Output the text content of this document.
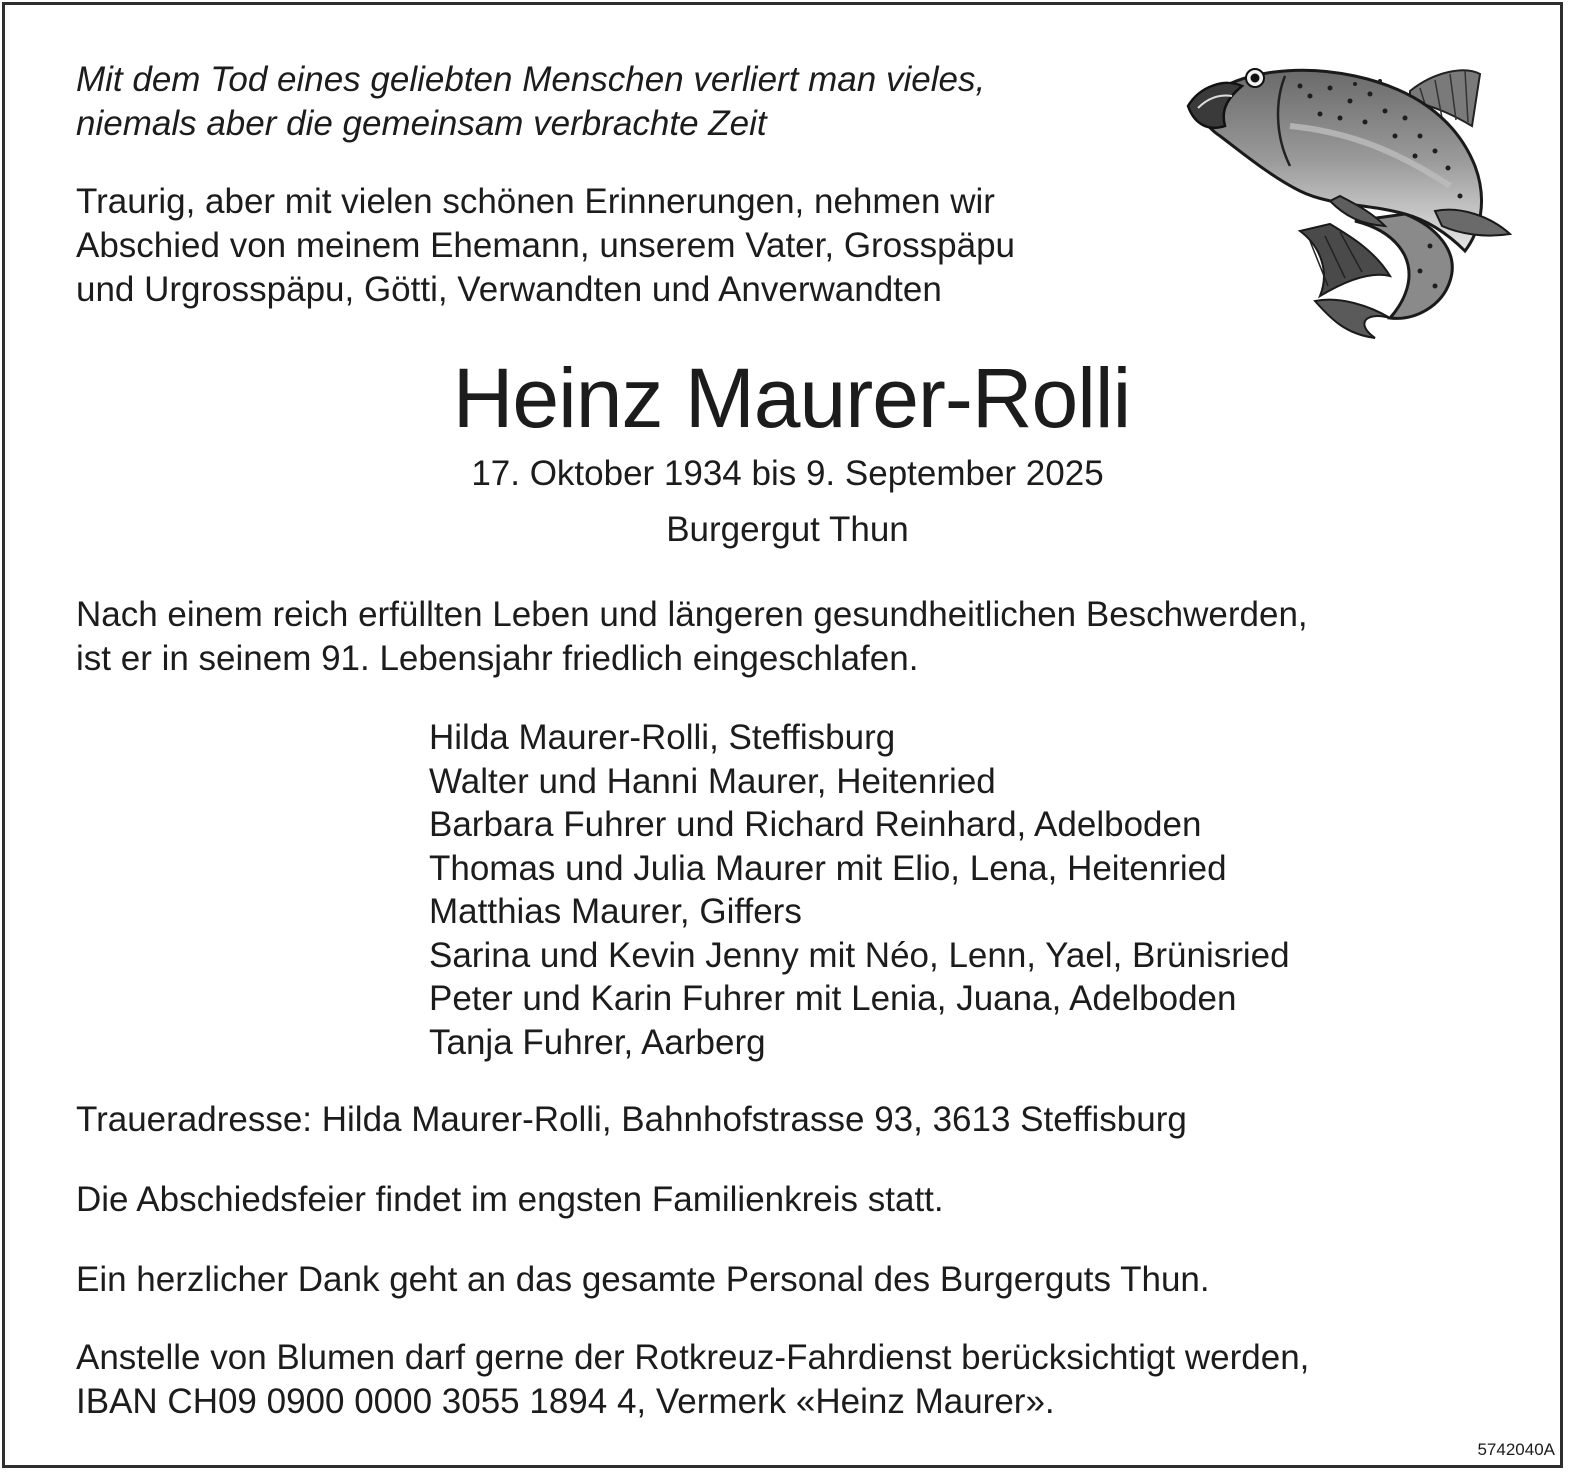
Mit dem Tod eines geliebten Menschen verliert man vieles,
niemals aber die gemeinsam verbrachte Zeit
Traurig, aber mit vielen schönen Erinnerungen, nehmen wir
Abschied von meinem Ehemann, unserem Vater, Grosspäpu
und Urgrosspäpu, Götti, Verwandten und Anverwandten
Heinz Maurer-Rolli
17. Oktober 1934 bis 9. September 2025
Burgergut Thun
Nach einem reich erfüllten Leben und längeren gesundheitlichen Beschwerden,
ist er in seinem 91. Lebensjahr friedlich eingeschlafen.
Hilda Maurer-Rolli, Steffisburg
Walter und Hanni Maurer, Heitenried
Barbara Fuhrer und Richard Reinhard, Adelboden
Thomas und Julia Maurer mit Elio, Lena, Heitenried
Matthias Maurer, Giffers
Sarina und Kevin Jenny mit Néo, Lenn, Yael, Brünisried
Peter und Karin Fuhrer mit Lenia, Juana, Adelboden
Tanja Fuhrer, Aarberg
Traueradresse: Hilda Maurer-Rolli, Bahnhofstrasse 93, 3613 Steffisburg
Die Abschiedsfeier findet im engsten Familienkreis statt.
Ein herzlicher Dank geht an das gesamte Personal des Burgerguts Thun.
Anstelle von Blumen darf gerne der Rotkreuz-Fahrdienst berücksichtigt werden,
IBAN CH09 0900 0000 3055 1894 4, Vermerk «Heinz Maurer».
5742040A
